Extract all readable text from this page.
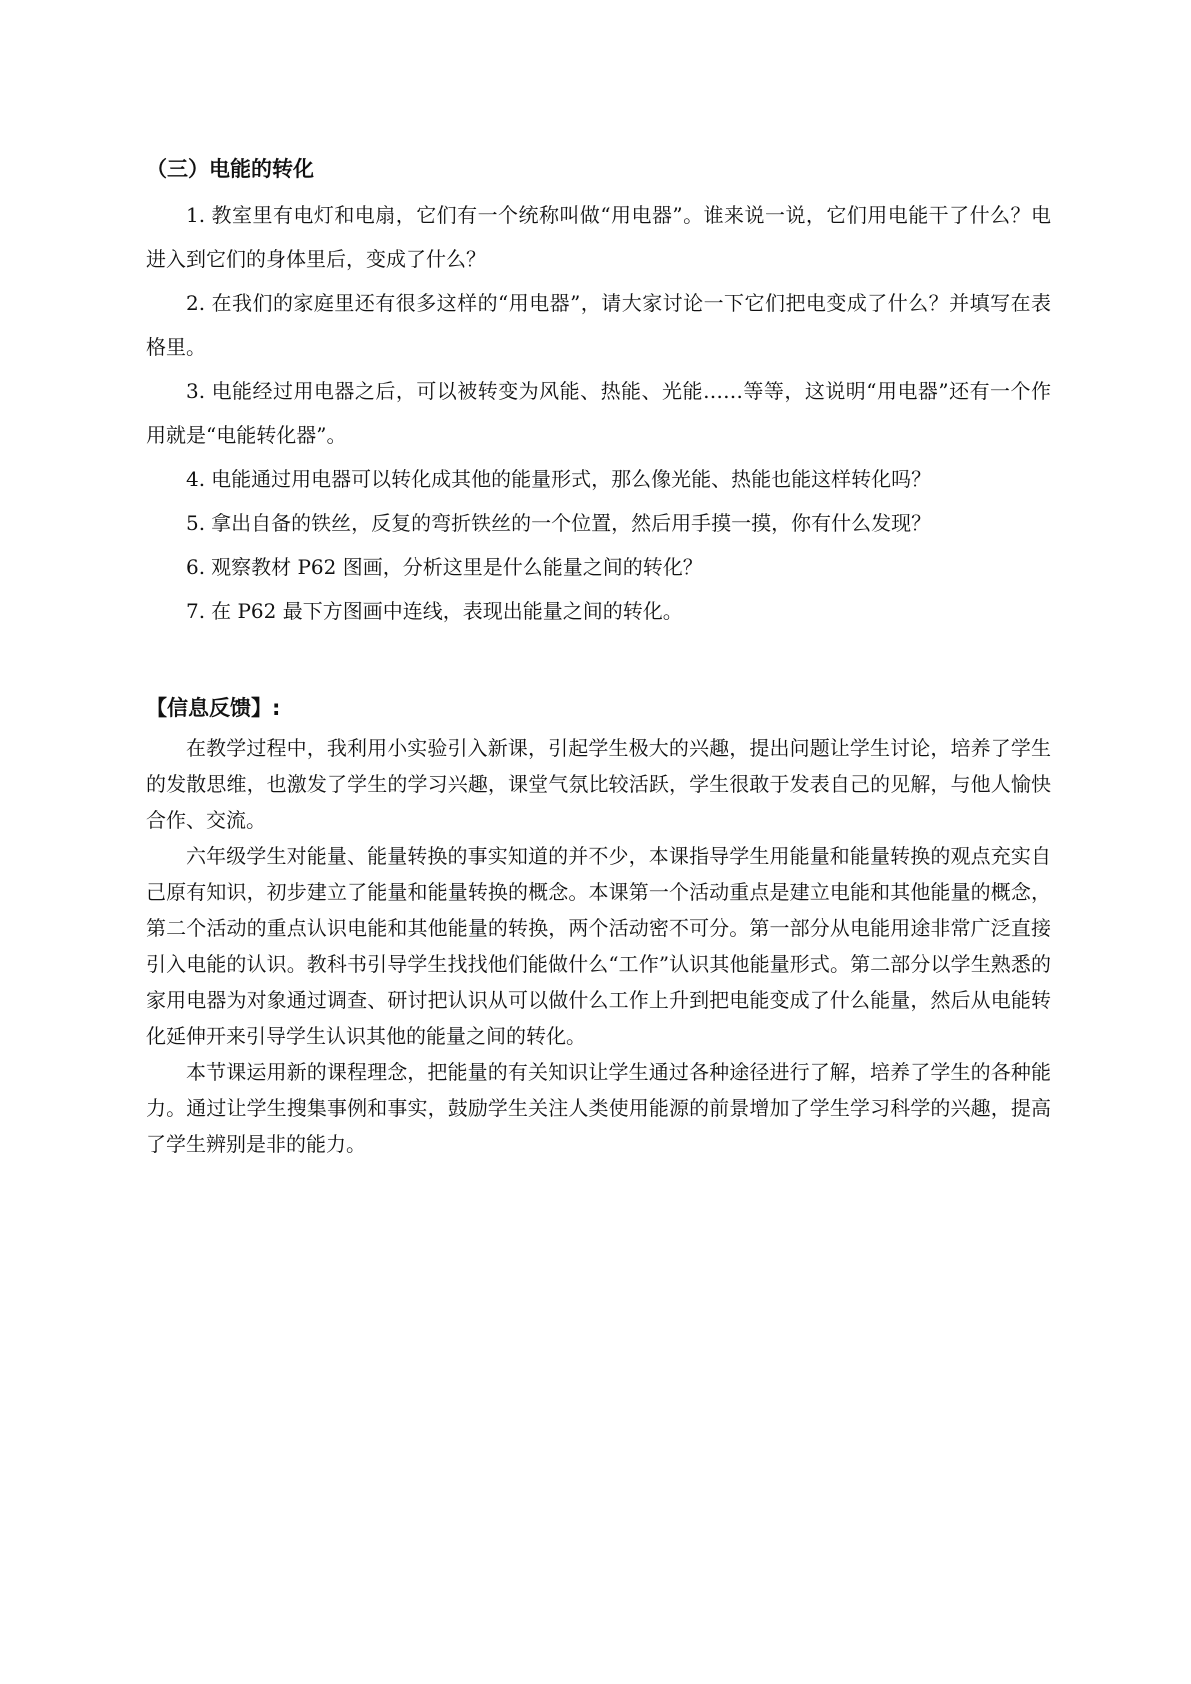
（三）电能的转化
1. 教室里有电灯和电扇，它们有一个统称叫做“用电器”。谁来说一说，它们用电能干了什么？电进入到它们的身体里后，变成了什么？
2. 在我们的家庭里还有很多这样的“用电器”，请大家讨论一下它们把电变成了什么？并填写在表格里。
3. 电能经过用电器之后，可以被转变为风能、热能、光能……等等，这说明“用电器”还有一个作用就是“电能转化器”。
4. 电能通过用电器可以转化成其他的能量形式，那么像光能、热能也能这样转化吗？
5. 拿出自备的铁丝，反复的弯折铁丝的一个位置，然后用手摸一摸，你有什么发现？
6. 观察教材 P62 图画，分析这里是什么能量之间的转化？
7. 在 P62 最下方图画中连线，表现出能量之间的转化。
【信息反馈】:

在教学过程中，我利用小实验引入新课，引起学生极大的兴趣，提出问题让学生讨论，培养了学生的发散思维，也激发了学生的学习兴趣，课堂气氛比较活跃，学生很敢于发表自己的见解，与他人愉快合作、交流。

六年级学生对能量、能量转换的事实知道的并不少，本课指导学生用能量和能量转换的观点充实自己原有知识，初步建立了能量和能量转换的概念。本课第一个活动重点是建立电能和其他能量的概念，第二个活动的重点认识电能和其他能量的转换，两个活动密不可分。第一部分从电能用途非常广泛直接引入电能的认识。教科书引导学生找找他们能做什么“工作”认识其他能量形式。第二部分以学生熟悉的家用电器为对象通过调查、研讨把认识从可以做什么工作上升到把电能变成了什么能量，然后从电能转化延伸开来引导学生认识其他的能量之间的转化。

本节课运用新的课程理念，把能量的有关知识让学生通过各种途径进行了解，培养了学生的各种能力。通过让学生搜集事例和事实，鼓励学生关注人类使用能源的前景增加了学生学习科学的兴趣，提高了学生辨别是非的能力。
